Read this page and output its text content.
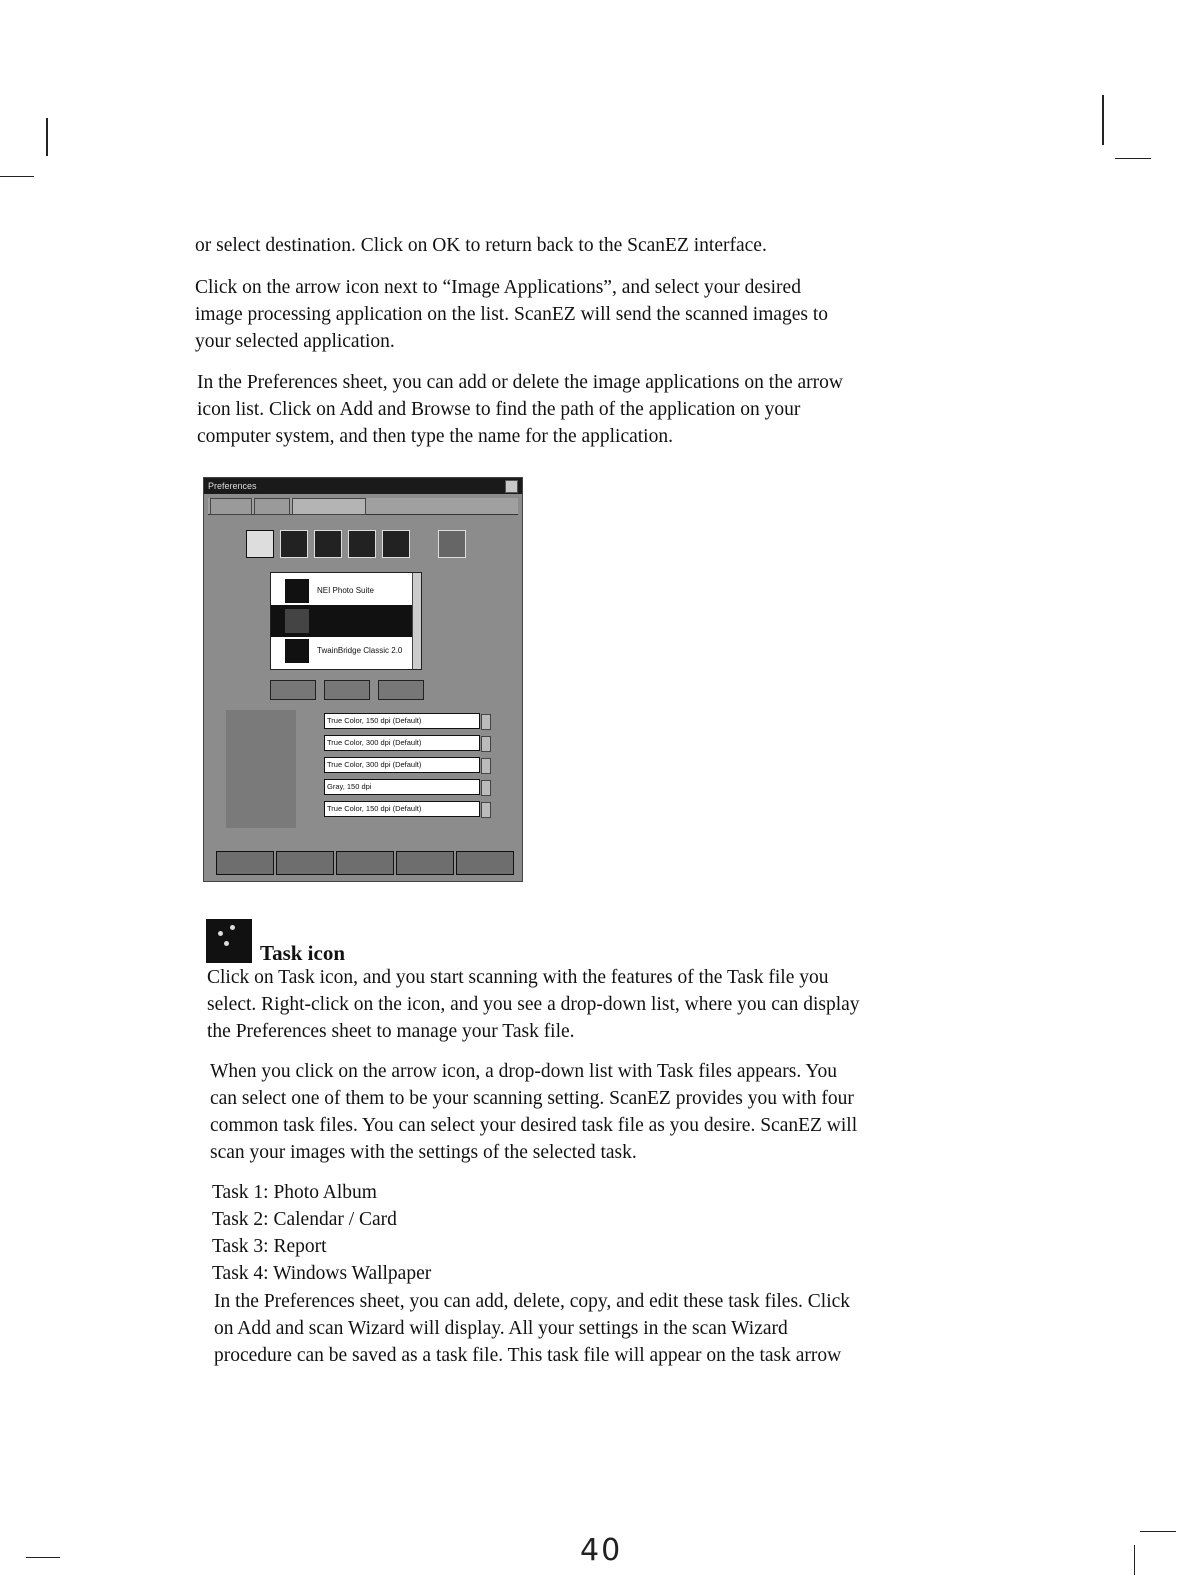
or select destination. Click on OK to return back to the ScanEZ interface.
Click on the arrow icon next to “Image Applications”, and select your desired
image processing application on the list. ScanEZ will send the scanned images to
your selected application.
In the Preferences sheet, you can add or delete the image applications on the arrow
icon list. Click on Add and Browse to find the path of the application on your
computer system, and then type the name for the application.
Preferences
NEI Photo Suite
TwainBridge Classic 2.0
True Color, 150 dpi (Default)
True Color, 300 dpi (Default)
True Color, 300 dpi (Default)
Gray, 150 dpi
True Color, 150 dpi (Default)
Task icon
Click on Task icon, and you start scanning with the features of the Task file you
select. Right-click on the icon, and you see a drop-down list, where you can display
the Preferences sheet to manage your Task file.
When you click on the arrow icon, a drop-down list with Task files appears. You
can select one of them to be your scanning setting. ScanEZ provides you with four
common task files. You can select your desired task file as you desire. ScanEZ will
scan your images with the settings of the selected task.
Task 1: Photo Album
Task 2: Calendar / Card
Task 3: Report
Task 4: Windows Wallpaper
In the Preferences sheet, you can add, delete, copy, and edit these task files. Click
on Add and scan Wizard will display. All your settings in the scan Wizard
procedure can be saved as a task file. This task file will appear on the task arrow
40
